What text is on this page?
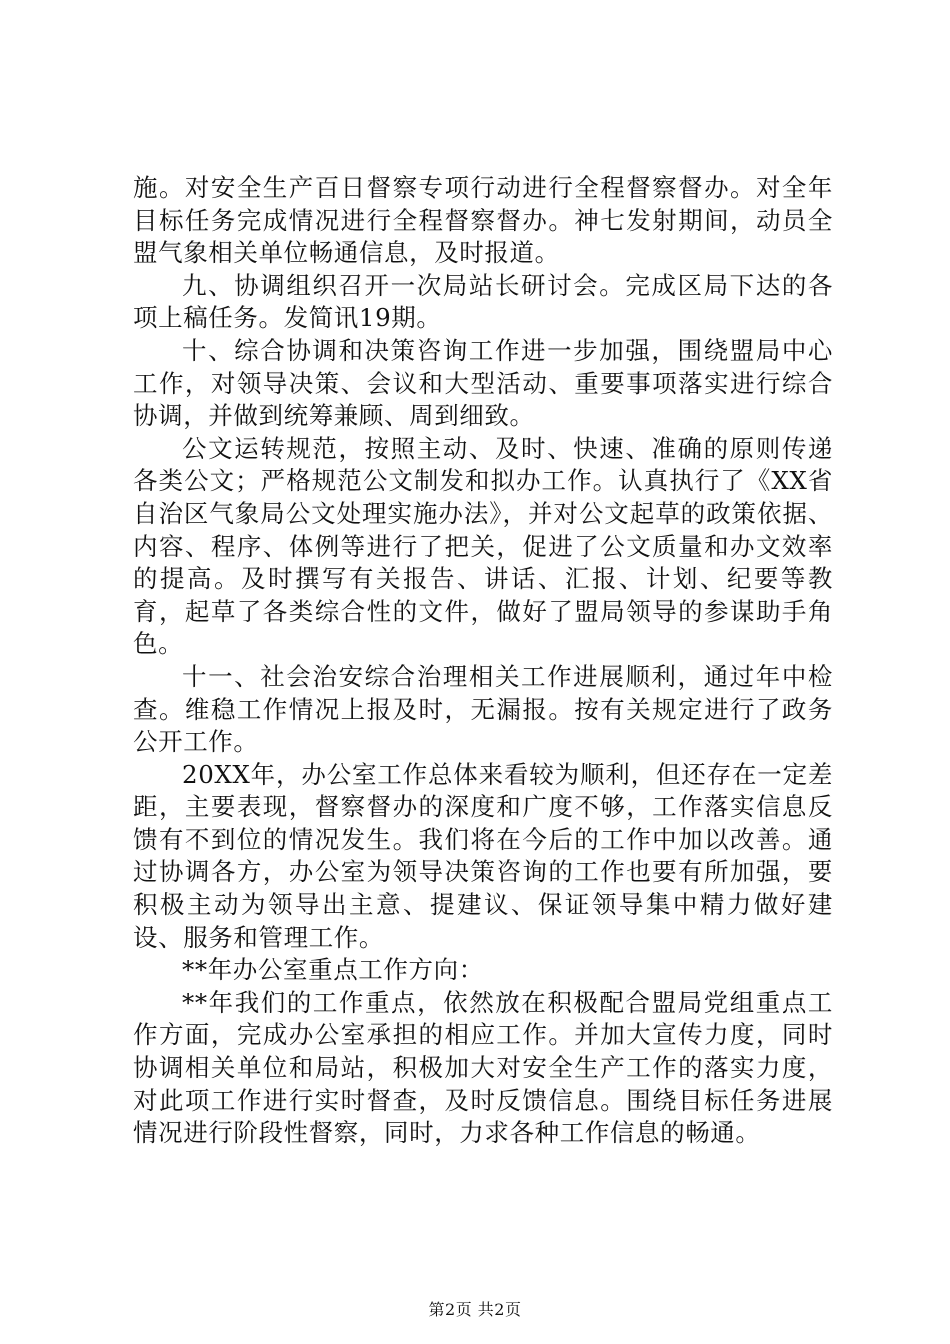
施。对安全生产百日督察专项行动进行全程督察督办。对全年目标任务完成情况进行全程督察督办。神七发射期间，动员全盟气象相关单位畅通信息，及时报道。

九、协调组织召开一次局站长研讨会。完成区局下达的各项上稿任务。发简讯19期。

十、综合协调和决策咨询工作进一步加强，围绕盟局中心工作，对领导决策、会议和大型活动、重要事项落实进行综合协调，并做到统筹兼顾、周到细致。

公文运转规范，按照主动、及时、快速、准确的原则传递各类公文；严格规范公文制发和拟办工作。认真执行了《XX省自治区气象局公文处理实施办法》，并对公文起草的政策依据、内容、程序、体例等进行了把关，促进了公文质量和办文效率的提高。及时撰写有关报告、讲话、汇报、计划、纪要等教育，起草了各类综合性的文件，做好了盟局领导的参谋助手角色。

十一、社会治安综合治理相关工作进展顺利，通过年中检查。维稳工作情况上报及时，无漏报。按有关规定进行了政务公开工作。

20XX年，办公室工作总体来看较为顺利，但还存在一定差距，主要表现，督察督办的深度和广度不够，工作落实信息反馈有不到位的情况发生。我们将在今后的工作中加以改善。通过协调各方，办公室为领导决策咨询的工作也要有所加强，要积极主动为领导出主意、提建议、保证领导集中精力做好建设、服务和管理工作。

**年办公室重点工作方向：

**年我们的工作重点，依然放在积极配合盟局党组重点工作方面，完成办公室承担的相应工作。并加大宣传力度，同时协调相关单位和局站，积极加大对安全生产工作的落实力度，对此项工作进行实时督查，及时反馈信息。围绕目标任务进展情况进行阶段性督察，同时，力求各种工作信息的畅通。

第2页 共2页
